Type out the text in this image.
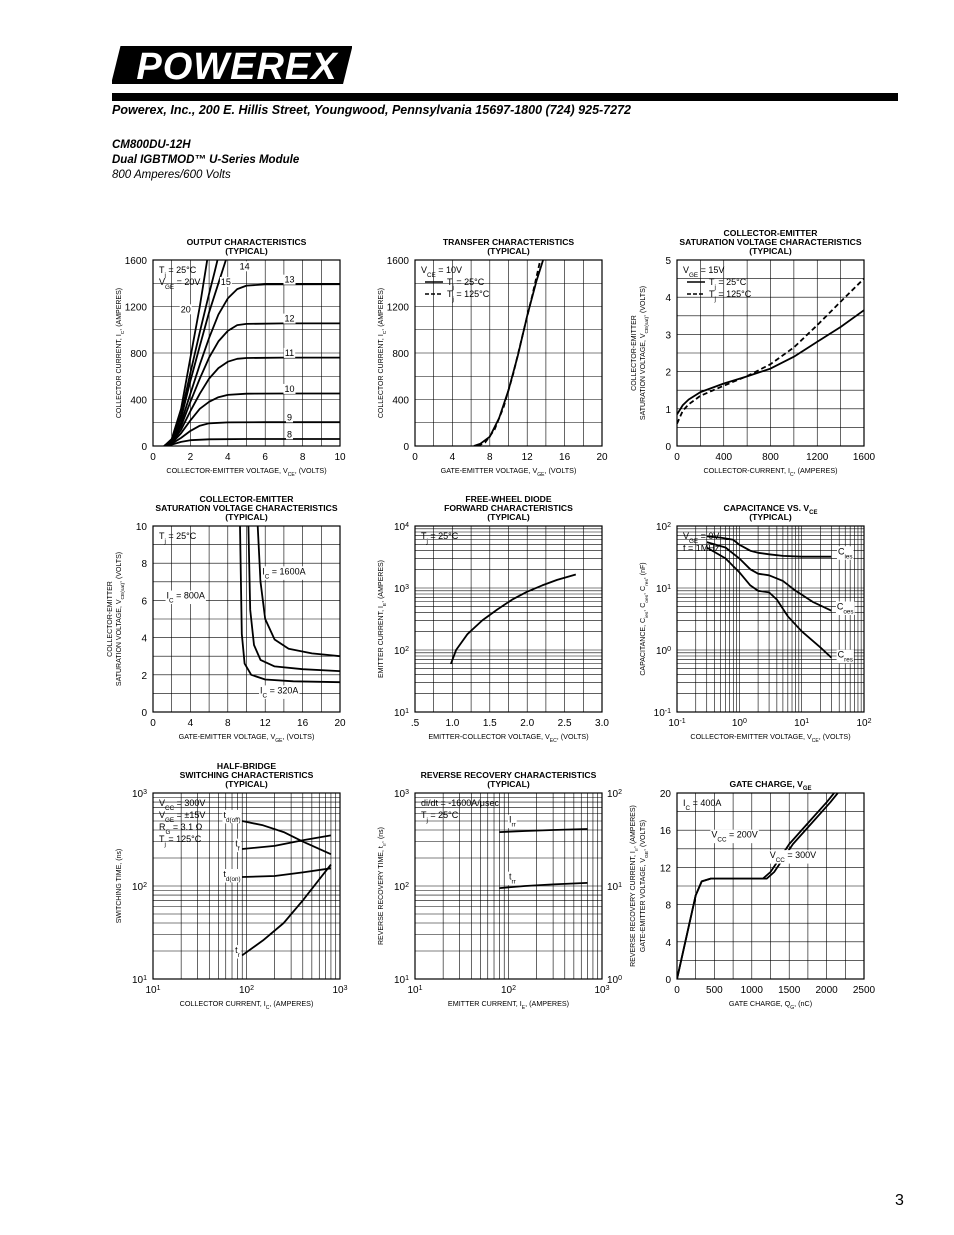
POWEREX
Powerex, Inc., 200 E. Hillis Street, Youngwood, Pennsylvania 15697-1800 (724) 925-7272
CM800DU-12H
Dual IGBTMOD™ U-Series Module
800 Amperes/600 Volts
3
0	2	4	6	8	10
0
400
800
1200
1600
OUTPUT CHARACTERISTICS
(TYPICAL)
COLLECTOR-EMITTER VOLTAGE, $V_{CE}$, (VOLTS)
COLLECTOR CURRENT, $I_C$, (AMPERES)
$T_j = 25^\circ C$
$V_{GE} = 20V$	13
12
11
10
9
8
20
15
14
0	4	8	12	16	20
0
400
800
1200
1600
TRANSFER CHARACTERISTICS
(TYPICAL)
GATE-EMITTER VOLTAGE, $V_{GE}$, (VOLTS)
COLLECTOR CURRENT, $I_C$, (AMPERES)
$V_{CE} = 10V$
$T_j = 25^\circ C$
$T_j = 125^\circ C$
0	400	800	1200 1600
0
1
2
3
4
5
COLLECTOR-EMITTER
SATURATION VOLTAGE CHARACTERISTICS
(TYPICAL)
COLLECTOR-CURRENT, $I_C$, (AMPERES)
COLLECTOR-EMITTER SATURATION VOLTAGE, $V_{CE(sat)}$, (VOLTS)
$V_{GE} = 15V$
$T_j = 25^\circ C$
$T_j = 125^\circ C$
0	4	8	12	16	20
0
2
4
6
8
10
COLLECTOR-EMITTER
SATURATION VOLTAGE CHARACTERISTICS
(TYPICAL)
GATE-EMITTER VOLTAGE, $V_{GE}$, (VOLTS)
COLLECTOR-EMITTER SATURATION VOLTAGE, $V_{CE(sat)}$, (VOLTS)
$T_j = 25^\circ C$
$I_C = 1600A$
$I_C = 800A$
$I_C = 320A$
.5	1.0 1.5 2.0 2.5 3.0
$10^1$
$10^2$
$10^3$
$10^4$
FREE-WHEEL DIODE
FORWARD CHARACTERISTICS
(TYPICAL)
EMITTER-COLLECTOR VOLTAGE, $V_{EC}$, (VOLTS)
EMITTER CURRENT, $I_E$, (AMPERES)
$T_j = 25^\circ C$
$10^{-1}$	$10^0$	$10^1$	$10^2$
$10^{-1}$
$10^0$
$10^1$
$10^2$
CAPACITANCE VS. $V_{CE}$
(TYPICAL)
COLLECTOR-EMITTER VOLTAGE, $V_{CE}$, (VOLTS)
CAPACITANCE, $C_{ies}$, $C_{oes}$, $C_{res}$, (nF)
$V_{GE} = 0V$
f = 1MHz	$C_{ies}$
$C_{oes}$
$C_{res}$
$10^1$	$10^2$	$10^3$
$10^1$
$10^2$
$10^3$
HALF-BRIDGE
SWITCHING CHARACTERISTICS
(TYPICAL)
COLLECTOR CURRENT, $I_C$, (AMPERES)
SWITCHING TIME, (ns)
$V_{CC} = 300V$
$V_{GE} = \pm 15V$
$R_G = 3.1$ Ω
$T_j = 125^\circ C$
$t_{d(off)}$
$t_f$
$t_{d(on)}$
$t_r$
$10^1$	$10^2$	$10^3$
$10^1$
$10^2$
$10^3$
$10^0$
$10^1$
$10^2$
REVERSE RECOVERY CHARACTERISTICS
(TYPICAL)
EMITTER CURRENT, $I_E$, (AMPERES)
REVERSE RECOVERY TIME, $t_{rr}$, (ns)
REVERSE RECOVERY CURRENT, $I_{rr}$, (AMPERES)
di/dt = -1600A/μsec
$T_j = 25^\circ C$	$I_{rr}$
$t_{rr}$
0	500 1000 1500 2000 2500
0
4
8
12
16
20
GATE CHARGE, $V_{GE}$
GATE CHARGE, $Q_G$, (nC)
GATE-EMITTER VOLTAGE, $V_{GE}$, (VOLTS)
$I_C = 400A$
$V_{CC} = 200V$
$V_{CC} = 300V$
